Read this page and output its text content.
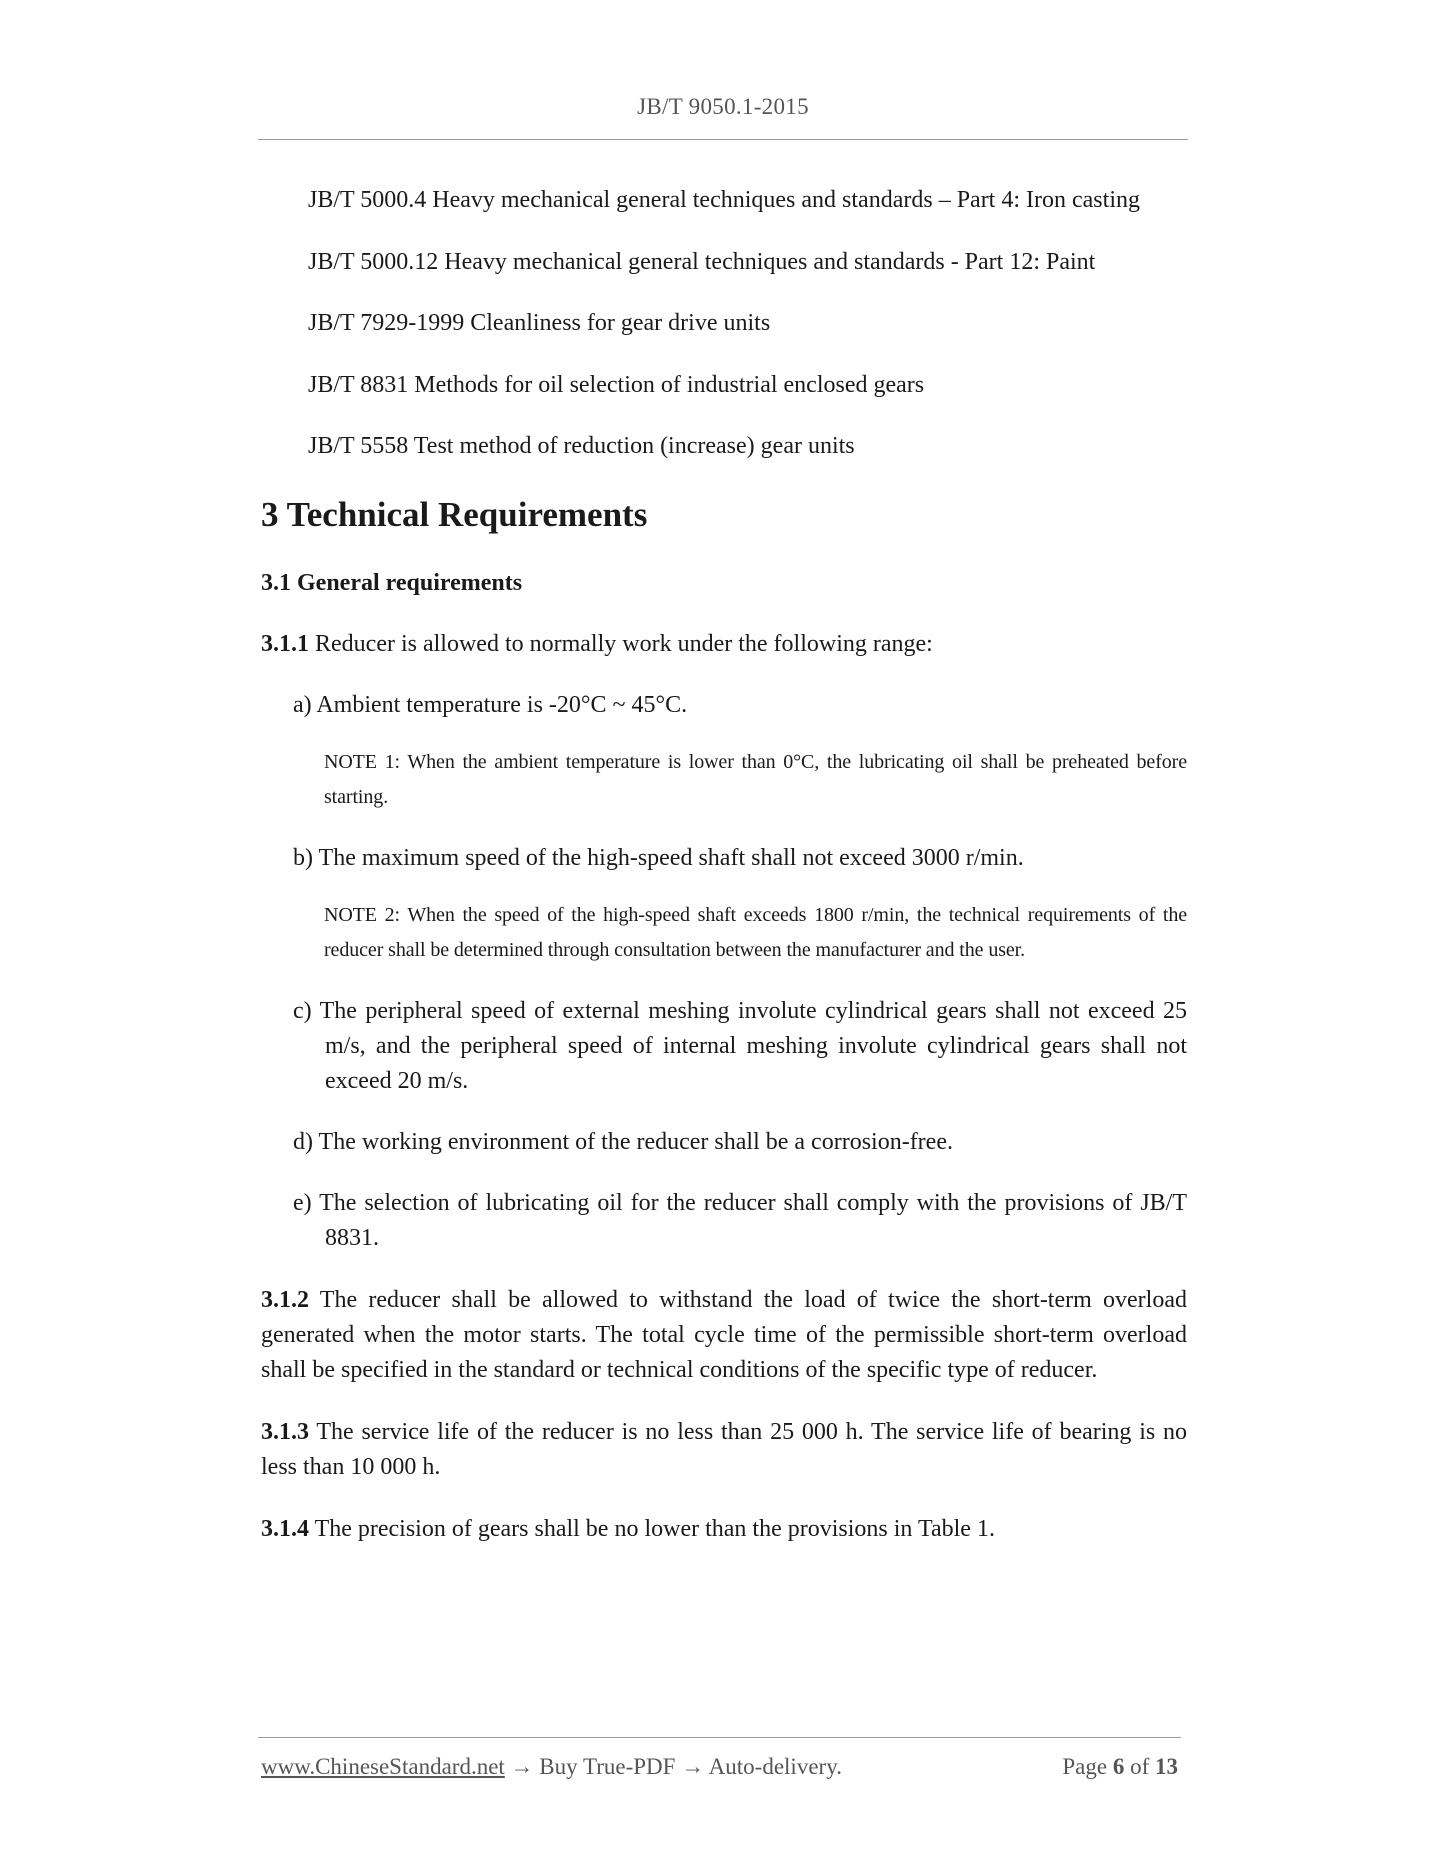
JB/T 9050.1-2015
JB/T 5000.4 Heavy mechanical general techniques and standards – Part 4: Iron casting
JB/T 5000.12 Heavy mechanical general techniques and standards - Part 12: Paint
JB/T 7929-1999 Cleanliness for gear drive units
JB/T 8831 Methods for oil selection of industrial enclosed gears
JB/T 5558 Test method of reduction (increase) gear units
3 Technical Requirements
3.1 General requirements
3.1.1 Reducer is allowed to normally work under the following range:
a) Ambient temperature is -20°C ~ 45°C.
NOTE 1: When the ambient temperature is lower than 0°C, the lubricating oil shall be preheated before starting.
b) The maximum speed of the high-speed shaft shall not exceed 3000 r/min.
NOTE 2: When the speed of the high-speed shaft exceeds 1800 r/min, the technical requirements of the reducer shall be determined through consultation between the manufacturer and the user.
c) The peripheral speed of external meshing involute cylindrical gears shall not exceed 25 m/s, and the peripheral speed of internal meshing involute cylindrical gears shall not exceed 20 m/s.
d) The working environment of the reducer shall be a corrosion-free.
e) The selection of lubricating oil for the reducer shall comply with the provisions of JB/T 8831.
3.1.2 The reducer shall be allowed to withstand the load of twice the short-term overload generated when the motor starts. The total cycle time of the permissible short-term overload shall be specified in the standard or technical conditions of the specific type of reducer.
3.1.3 The service life of the reducer is no less than 25 000 h. The service life of bearing is no less than 10 000 h.
3.1.4 The precision of gears shall be no lower than the provisions in Table 1.
www.ChineseStandard.net → Buy True-PDF → Auto-delivery.	Page 6 of 13
